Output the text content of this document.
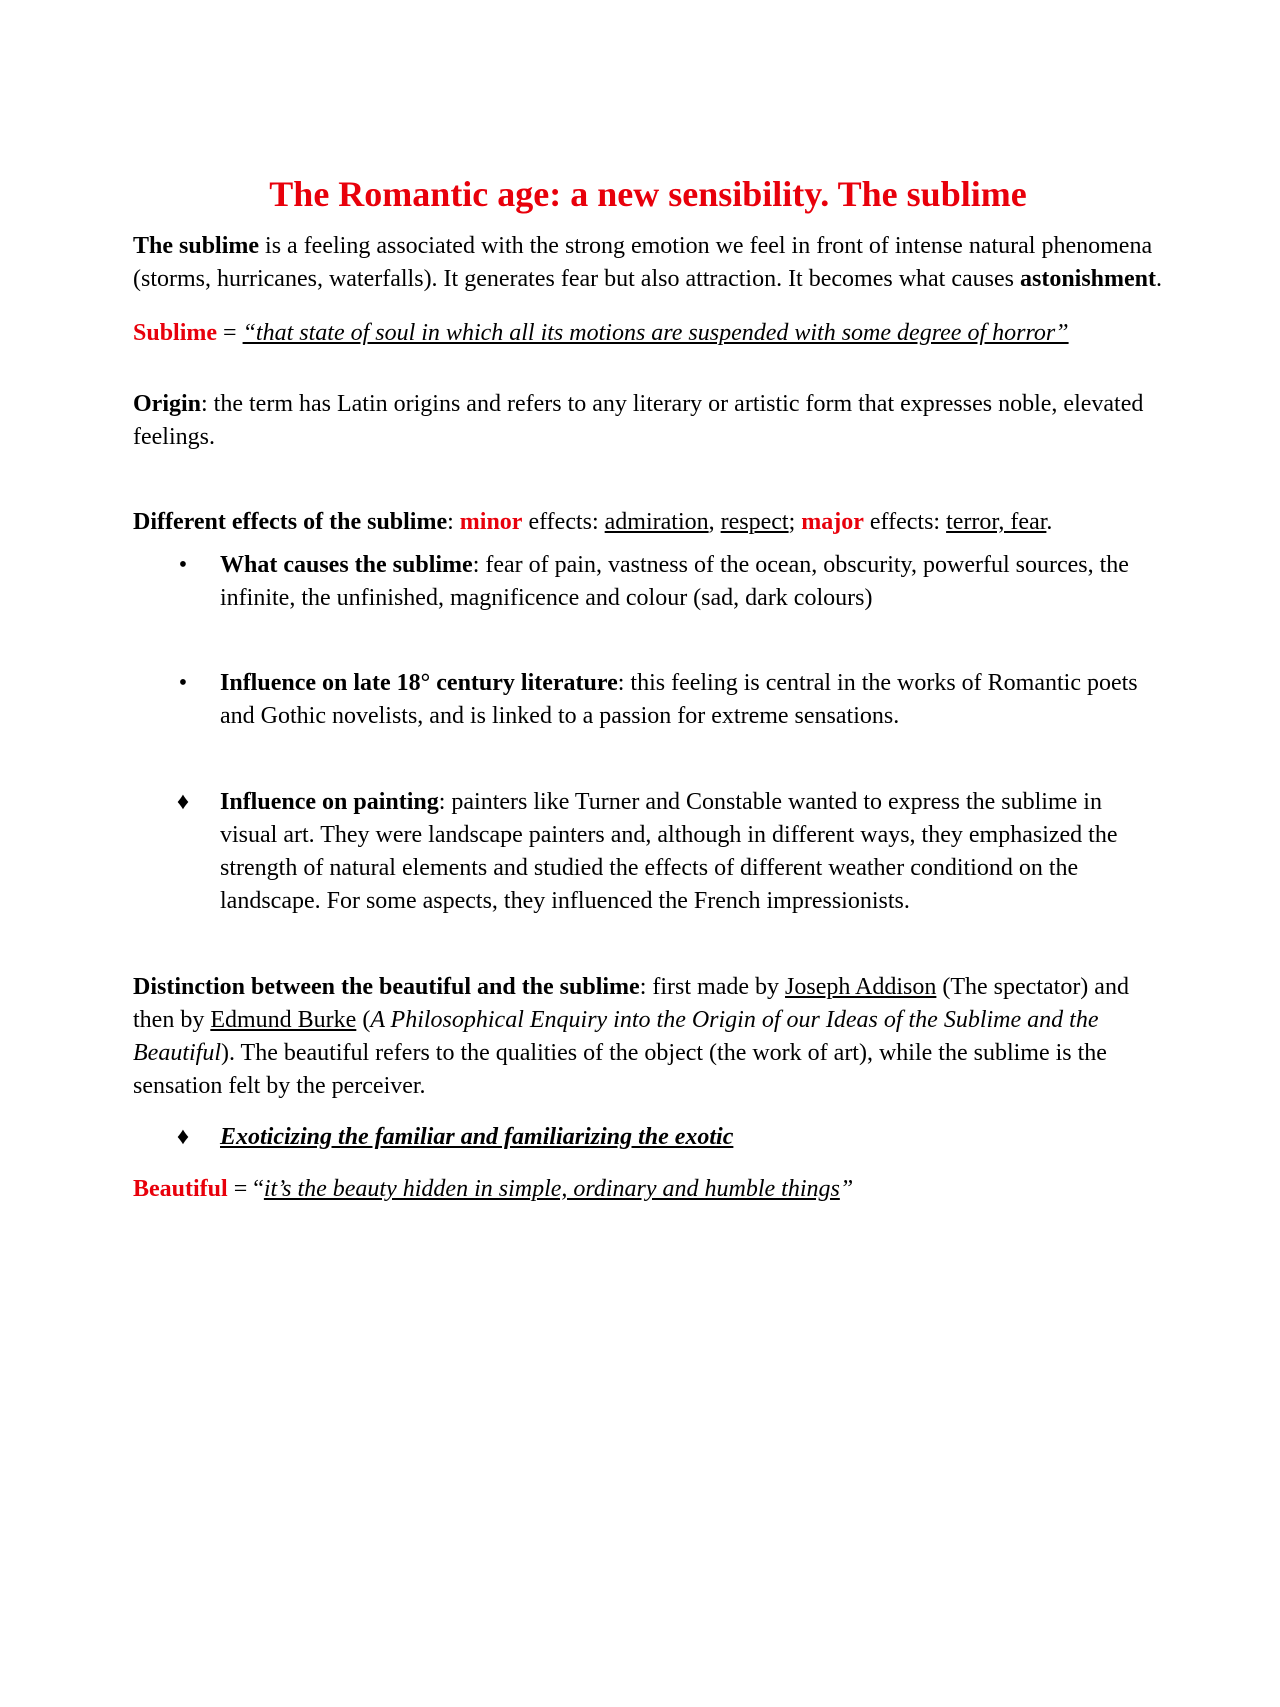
The Romantic age: a new sensibility. The sublime

The sublime is a feeling associated with the strong emotion we feel in front of intense natural phenomena (storms, hurricanes, waterfalls). It generates fear but also attraction. It becomes what causes astonishment.

Sublime = “that state of soul in which all its motions are suspended with some degree of horror”

Origin: the term has Latin origins and refers to any literary or artistic form that expresses noble, elevated feelings.

Different effects of the sublime: minor effects: admiration, respect; major effects: terror, fear.

• What causes the sublime: fear of pain, vastness of the ocean, obscurity, powerful sources, the infinite, the unfinished, magnificence and colour (sad, dark colours)
• Influence on late 18° century literature: this feeling is central in the works of Romantic poets and Gothic novelists, and is linked to a passion for extreme sensations.
♦ Influence on painting: painters like Turner and Constable wanted to express the sublime in visual art. They were landscape painters and, although in different ways, they emphasized the strength of natural elements and studied the effects of different weather conditiond on the landscape. For some aspects, they influenced the French impressionists.

Distinction between the beautiful and the sublime: first made by Joseph Addison (The spectator) and then by Edmund Burke (A Philosophical Enquiry into the Origin of our Ideas of the Sublime and the Beautiful). The beautiful refers to the qualities of the object (the work of art), while the sublime is the sensation felt by the perceiver.

♦ Exoticizing the familiar and familiarizing the exotic

Beautiful = “it’s the beauty hidden in simple, ordinary and humble things”
